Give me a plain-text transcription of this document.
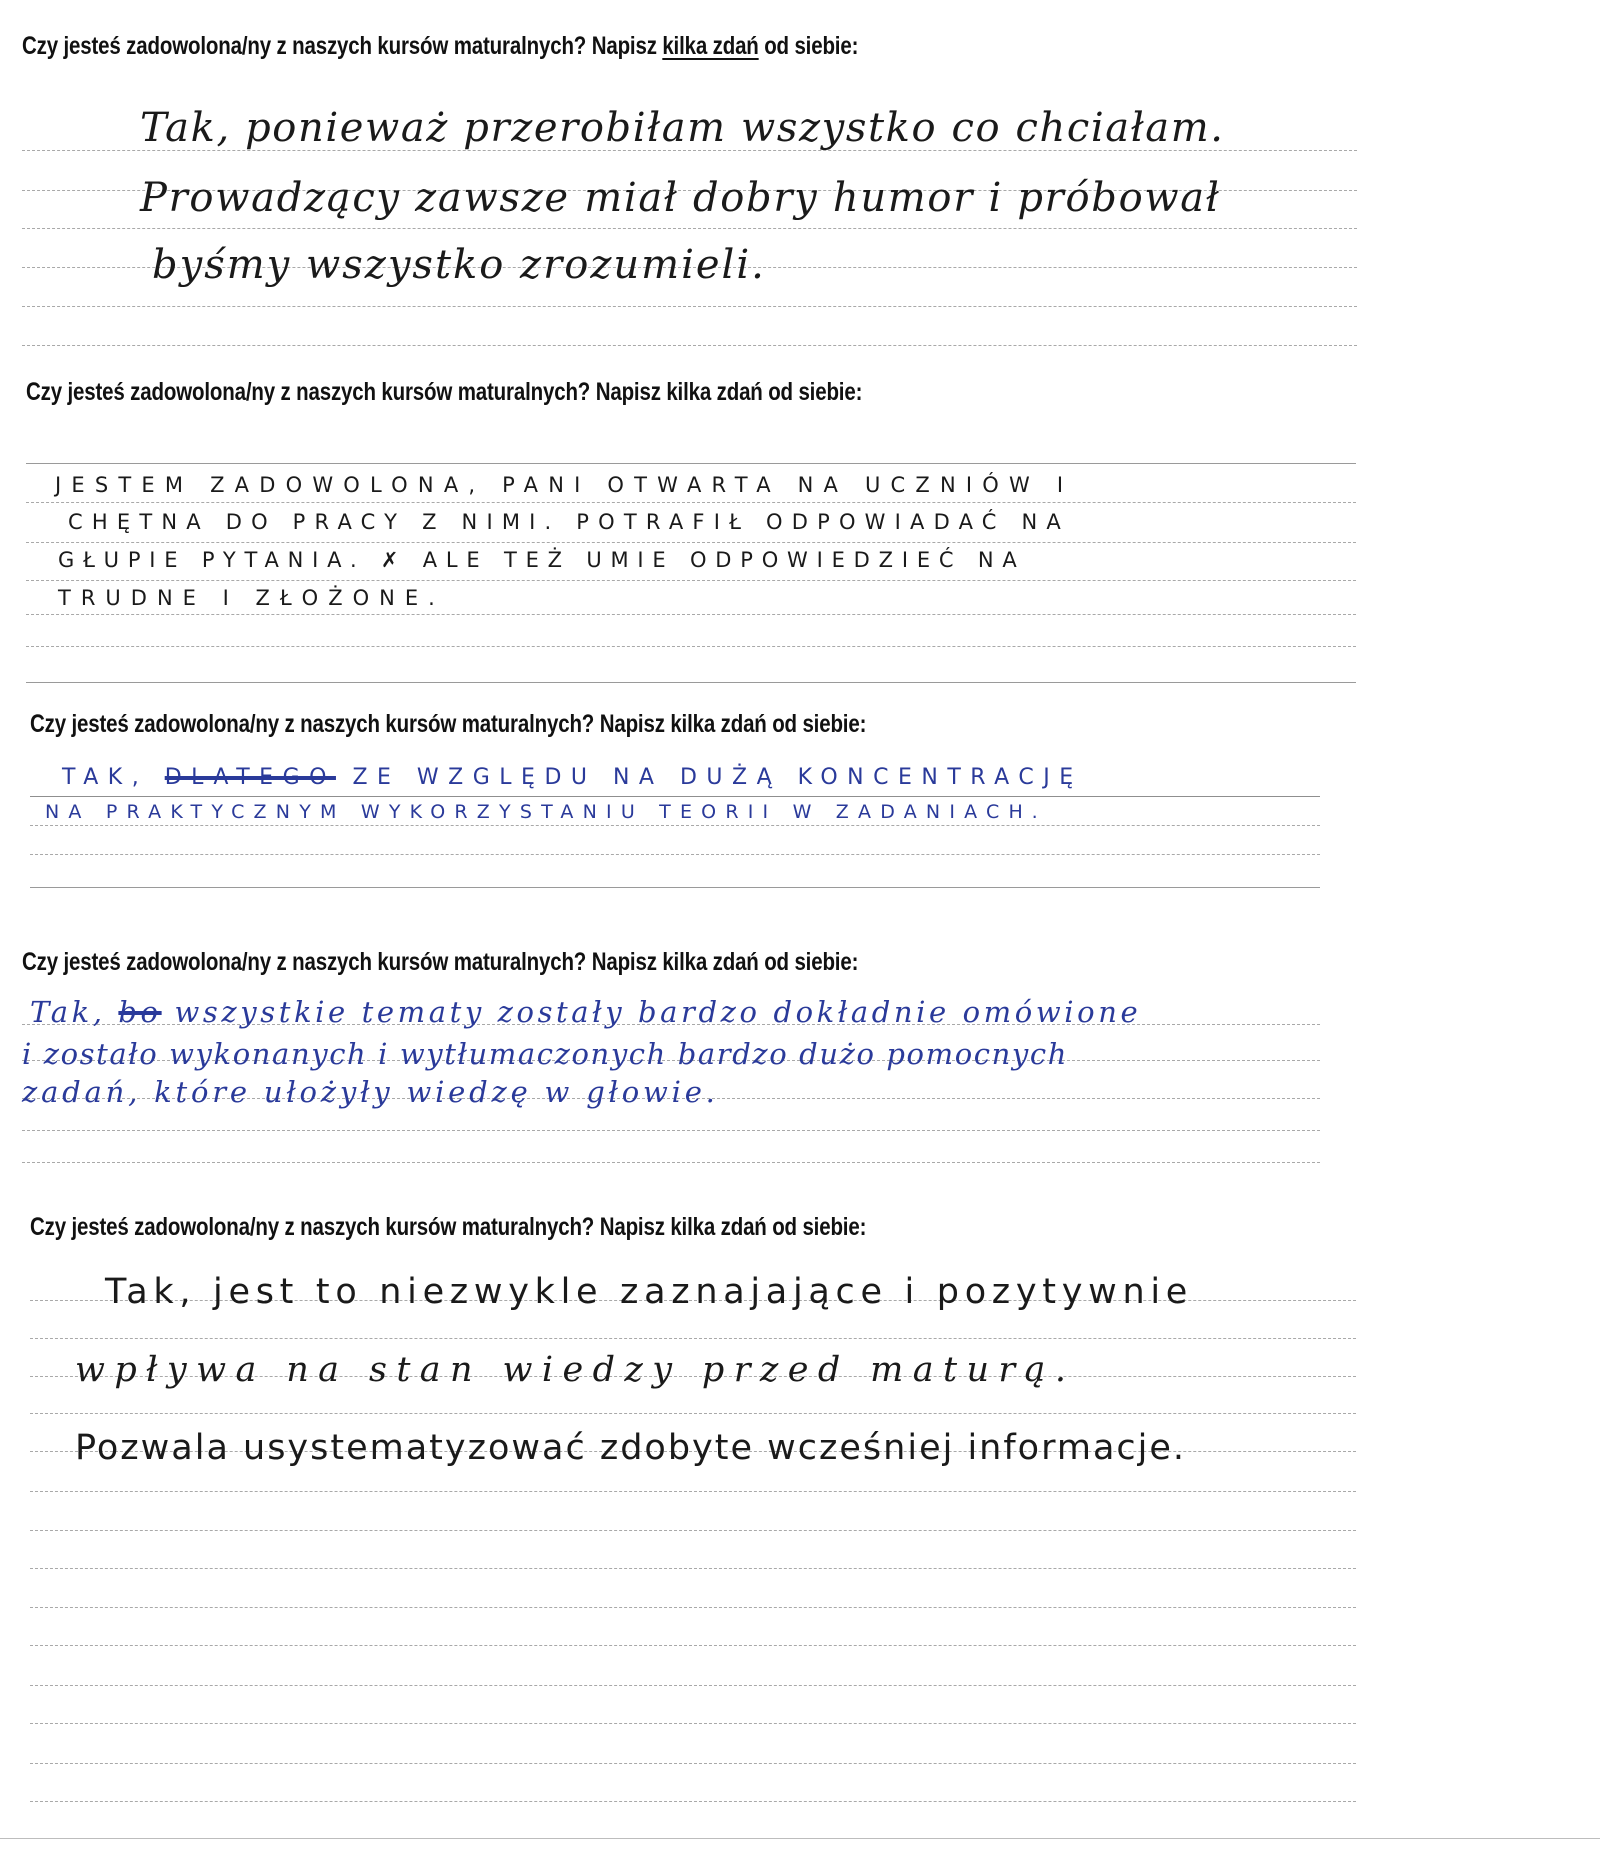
Czy jesteś zadowolona/ny z naszych kursów maturalnych? Napisz kilka zdań od siebie:
Tak, ponieważ przerobiłam wszystko co chciałam.
Prowadzący zawsze miał dobry humor i próbował
byśmy wszystko zrozumieli.
Czy jesteś zadowolona/ny z naszych kursów maturalnych? Napisz kilka zdań od siebie:
JESTEM ZADOWOLONA, PANI OTWARTA NA UCZNIÓW I
CHĘTNA DO PRACY Z NIMI. POTRAFIŁ ODPOWIADAĆ NA
GŁUPIE PYTANIA. ✗ ALE TEŻ UMIE ODPOWIEDZIEĆ NA
TRUDNE I ZŁOŻONE.
Czy jesteś zadowolona/ny z naszych kursów maturalnych? Napisz kilka zdań od siebie:
TAK, DLATEGO ZE WZGLĘDU NA DUŻĄ KONCENTRACJĘ
NA PRAKTYCZNYM WYKORZYSTANIU TEORII W ZADANIACH.
Czy jesteś zadowolona/ny z naszych kursów maturalnych? Napisz kilka zdań od siebie:
Tak, bo wszystkie tematy zostały bardzo dokładnie omówione
i zostało wykonanych i wytłumaczonych bardzo dużo pomocnych
zadań, które ułożyły wiedzę w głowie.
Czy jesteś zadowolona/ny z naszych kursów maturalnych? Napisz kilka zdań od siebie:
Tak, jest to niezwykle zaznajające i pozytywnie
wpływa na stan wiedzy przed maturą.
Pozwala usystematyzować zdobyte wcześniej informacje.
